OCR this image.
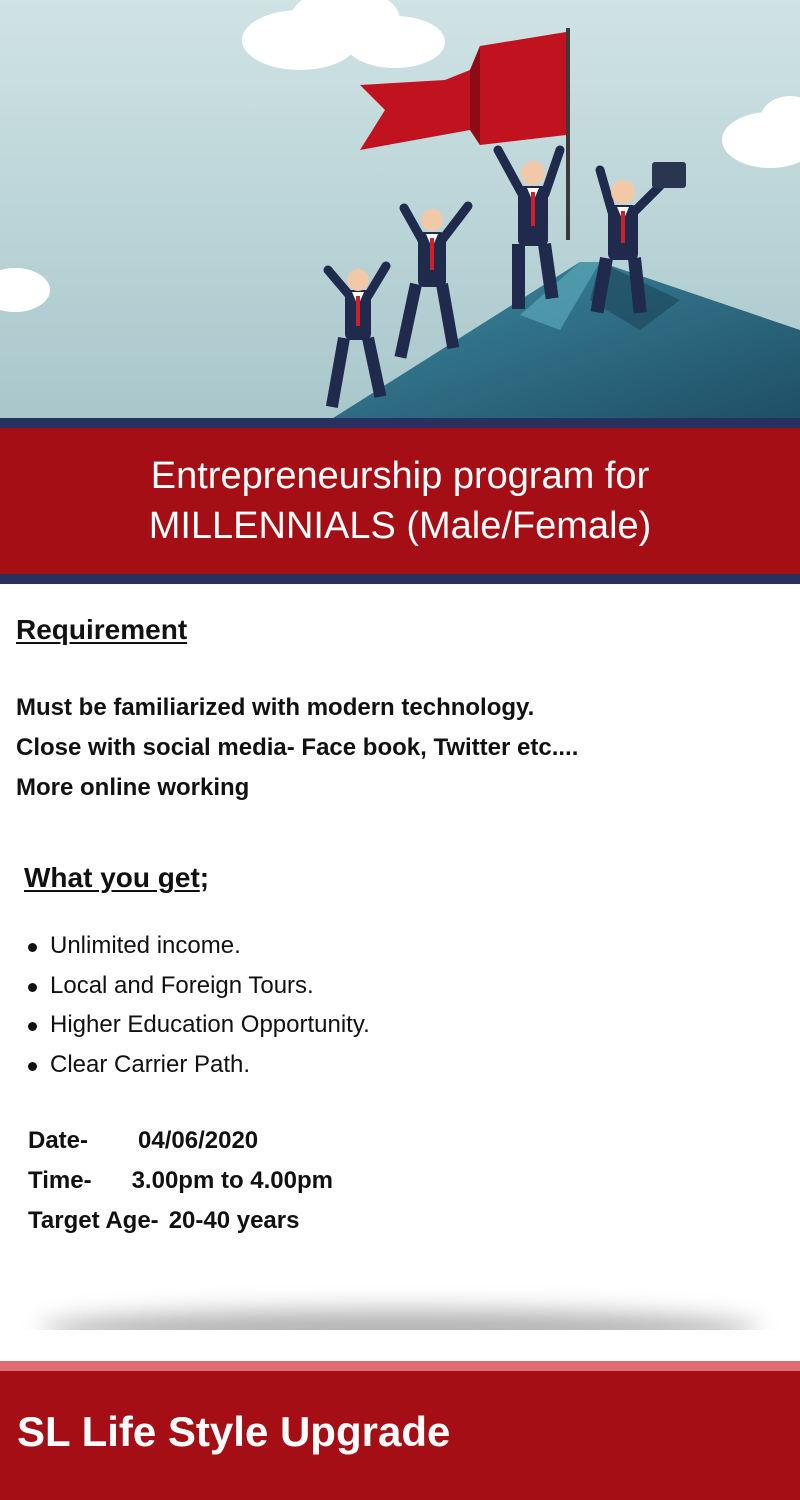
Entrepreneurship program for
MILLENNIALS (Male/Female)
Requirement
Must be familiarized with modern technology.
Close with social media- Face book, Twitter etc....
More online working
What you get;
Unlimited income.
Local and Foreign Tours.
Higher Education Opportunity.
Clear Carrier Path.
Date- 04/06/2020
Time- 3.00pm to 4.00pm
Target Age- 20-40 years
SL Life Style Upgrade
